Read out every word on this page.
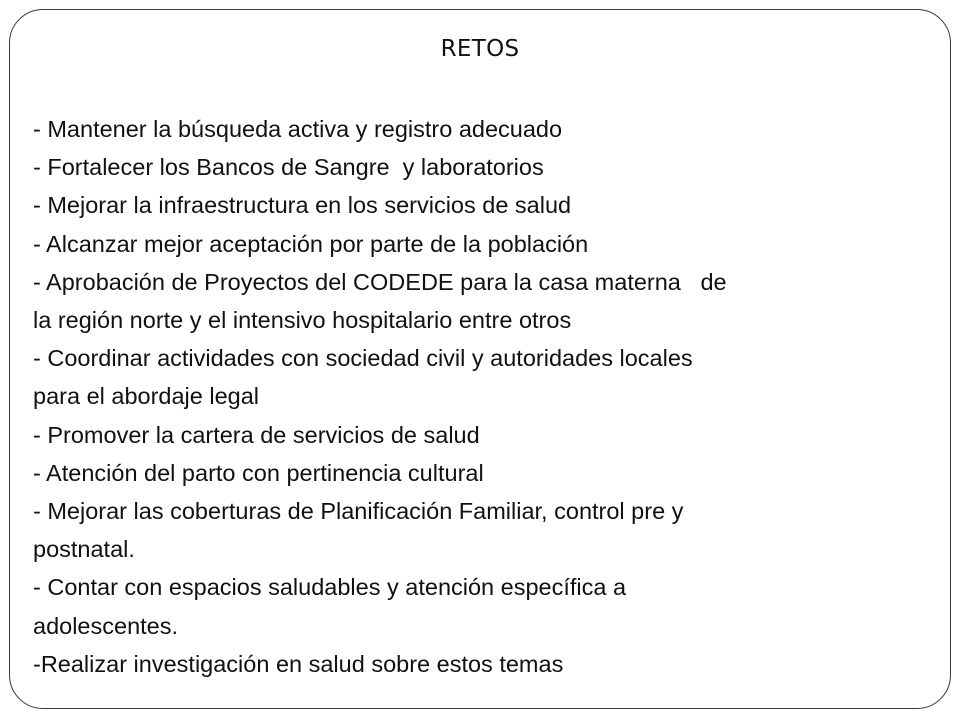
RETOS
- Mantener la búsqueda activa y registro adecuado
- Fortalecer los Bancos de Sangre  y laboratorios
- Mejorar la infraestructura en los servicios de salud
- Alcanzar mejor aceptación por parte de la población
- Aprobación de Proyectos del CODEDE para la casa materna   de
la región norte y el intensivo hospitalario entre otros
- Coordinar actividades con sociedad civil y autoridades locales
para el abordaje legal
- Promover la cartera de servicios de salud
- Atención del parto con pertinencia cultural
- Mejorar las coberturas de Planificación Familiar, control pre y
postnatal.
- Contar con espacios saludables y atención específica a
adolescentes.
-Realizar investigación en salud sobre estos temas
